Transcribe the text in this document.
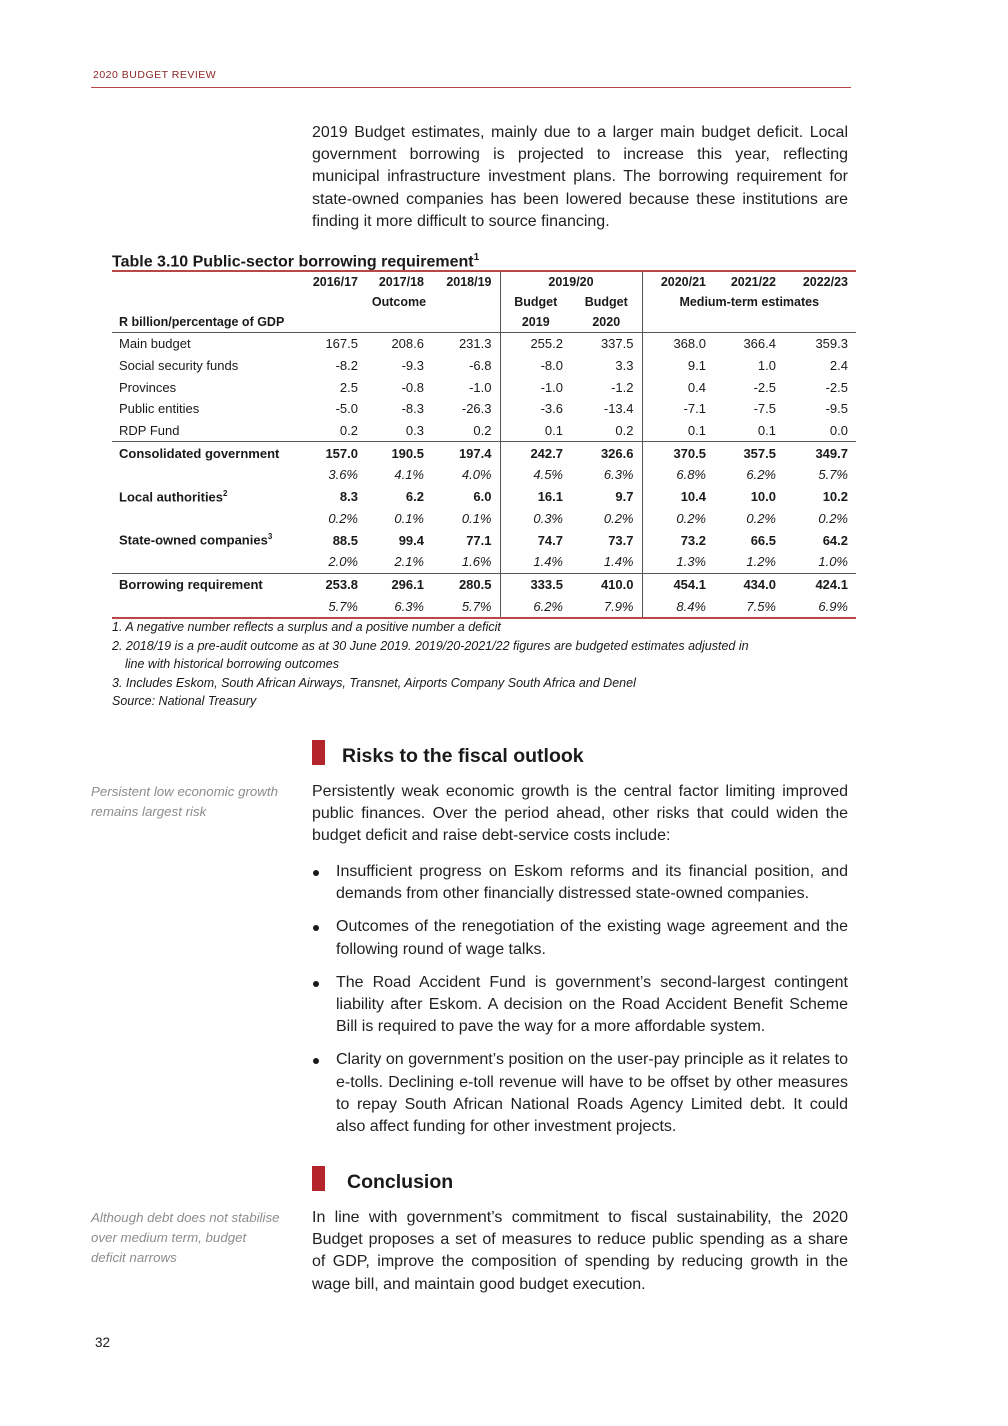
2020 BUDGET REVIEW
2019 Budget estimates, mainly due to a larger main budget deficit. Local government borrowing is projected to increase this year, reflecting municipal infrastructure investment plans. The borrowing requirement for state-owned companies has been lowered because these institutions are finding it more difficult to source financing.
Table 3.10 Public-sector borrowing requirement$^1$
	2016/17	2017/18	2018/19	2019/20		2020/21	2021/22	2022/23
		Outcome		Budget	Budget	Medium-term estimates		
R billion/percentage of GDP				2019	2020			
Main budget	167.5	208.6	231.3	255.2	337.5	368.0	366.4	359.3
Social security funds	-8.2	-9.3	-6.8	-8.0	3.3	9.1	1.0	2.4
Provinces	2.5	-0.8	-1.0	-1.0	-1.2	0.4	-2.5	-2.5
Public entities	-5.0	-8.3	-26.3	-3.6	-13.4	-7.1	-7.5	-9.5
RDP Fund	0.2	0.3	0.2	0.1	0.2	0.1	0.1	0.0
Consolidated government	157.0	190.5	197.4	242.7	326.6	370.5	357.5	349.7
	3.6%	4.1%	4.0%	4.5%	6.3%	6.8%	6.2%	5.7%
Local authorities$^2$	8.3	6.2	6.0	16.1	9.7	10.4	10.0	10.2
	0.2%	0.1%	0.1%	0.3%	0.2%	0.2%	0.2%	0.2%
State-owned companies$^3$	88.5	99.4	77.1	74.7	73.7	73.2	66.5	64.2
	2.0%	2.1%	1.6%	1.4%	1.4%	1.3%	1.2%	1.0%
Borrowing requirement	253.8	296.1	280.5	333.5	410.0	454.1	434.0	424.1
	5.7%	6.3%	5.7%	6.2%	7.9%	8.4%	7.5%	6.9%
1. A negative number reflects a surplus and a positive number a deficit
2. 2018/19 is a pre-audit outcome as at 30 June 2019. 2019/20-2021/22 figures are budgeted estimates adjusted in
line with historical borrowing outcomes
3. Includes Eskom, South African Airways, Transnet, Airports Company South Africa and Denel
Source: National Treasury
Risks to the fiscal outlook
Persistent low economic growth remains largest risk
Persistently weak economic growth is the central factor limiting improved public finances. Over the period ahead, other risks that could widen the budget deficit and raise debt-service costs include:
Insufficient progress on Eskom reforms and its financial position, and demands from other financially distressed state-owned companies.
Outcomes of the renegotiation of the existing wage agreement and the following round of wage talks.
The Road Accident Fund is government’s second-largest contingent liability after Eskom. A decision on the Road Accident Benefit Scheme Bill is required to pave the way for a more affordable system.
Clarity on government’s position on the user-pay principle as it relates to e-tolls. Declining e-toll revenue will have to be offset by other measures to repay South African National Roads Agency Limited debt. It could also affect funding for other investment projects.
Conclusion
Although debt does not stabilise over medium term, budget deficit narrows
In line with government’s commitment to fiscal sustainability, the 2020 Budget proposes a set of measures to reduce public spending as a share of GDP, improve the composition of spending by reducing growth in the wage bill, and maintain good budget execution.
32
